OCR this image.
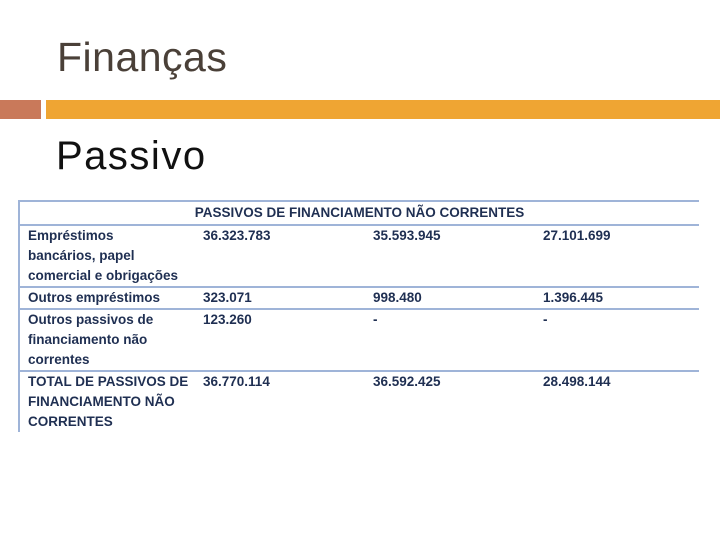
Finanças
Passivo
PASSIVOS DE FINANCIAMENTO NÃO CORRENTES			
Empréstimos bancários, papel comercial e obrigações	36.323.783	35.593.945	27.101.699
Outros empréstimos	323.071	998.480	1.396.445
Outros passivos de financiamento não correntes	123.260	-	-
TOTAL DE PASSIVOS DE FINANCIAMENTO NÃO CORRENTES	36.770.114	36.592.425	28.498.144
